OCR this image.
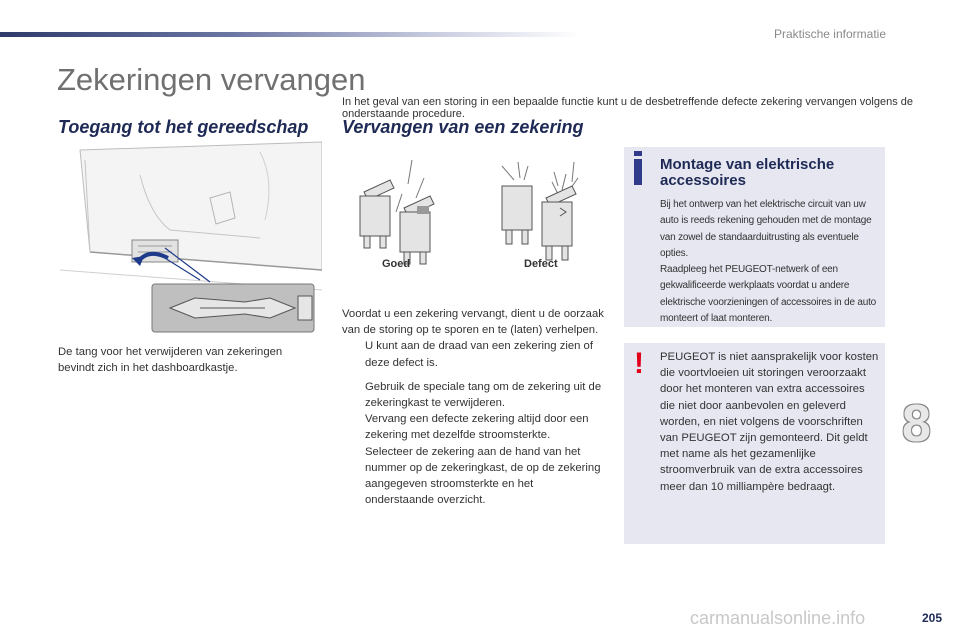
Praktische informatie
Zekeringen vervangen
In het geval van een storing in een bepaalde functie kunt u de desbetreffende defecte zekering vervangen volgens de onderstaande procedure.
Toegang tot het gereedschap Vervangen van een zekering
De tang voor het verwijderen van zekeringen bevindt zich in het dashboardkastje.
Goed	Defect

Voordat u een zekering vervangt, dient u de oorzaak van de storing op te sporen en te (laten) verhelpen.

U kunt aan de draad van een zekering zien of deze defect is.
Gebruik de speciale tang om de zekering uit de zekeringkast te verwijderen.
Vervang een defecte zekering altijd door een zekering met dezelfde stroomsterkte.
Selecteer de zekering aan de hand van het nummer op de zekeringkast, de op de zekering aangegeven stroomsterkte en het onderstaande overzicht.
Montage van elektrische accessoires

Bij het ontwerp van het elektrische circuit van uw auto is reeds rekening gehouden met de montage van zowel de standaarduitrusting als eventuele opties.

Raadpleeg het PEUGEOT-netwerk of een gekwalificeerde werkplaats voordat u andere elektrische voorzieningen of accessoires in de auto monteert of laat monteren.

! PEUGEOT is niet aansprakelijk voor kosten die voortvloeien uit storingen veroorzaakt door het monteren van extra accessoires die niet door aanbevolen en geleverd worden, en niet volgens de voorschriften van PEUGEOT zijn gemonteerd. Dit geldt met name als het gezamenlijke stroomverbruik van de extra accessoires meer dan 10 milliampère bedraagt.
8
carmanualsonline.info	205
